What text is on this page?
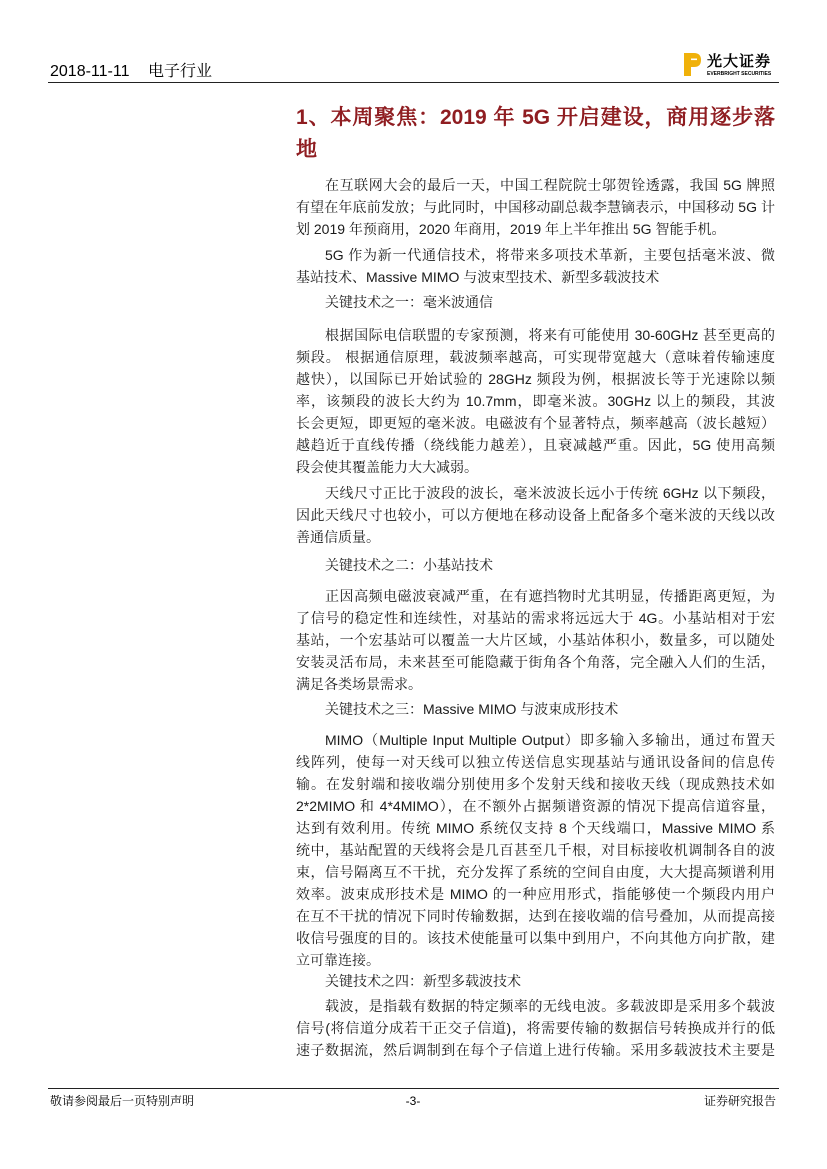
2018-11-11 电子行业
光大证券
EVERBRIGHT SECURITIES
1、本周聚焦：2019 年 5G 开启建设，商用逐步落
地
在互联网大会的最后一天，中国工程院院士邬贺铨透露，我国 5G 牌照
有望在年底前发放；与此同时，中国移动副总裁李慧镝表示，中国移动 5G 计
划 2019 年预商用，2020 年商用，2019 年上半年推出 5G 智能手机。
5G 作为新一代通信技术，将带来多项技术革新，主要包括毫米波、微
基站技术、Massive MIMO 与波束型技术、新型多载波技术
关键技术之一：毫米波通信
根据国际电信联盟的专家预测，将来有可能使用 30-60GHz 甚至更高的
频段。 根据通信原理，载波频率越高，可实现带宽越大（意味着传输速度
越快），以国际已开始试验的 28GHz 频段为例，根据波长等于光速除以频
率，该频段的波长大约为 10.7mm，即毫米波。30GHz 以上的频段，其波
长会更短，即更短的毫米波。电磁波有个显著特点，频率越高（波长越短）
越趋近于直线传播（绕线能力越差），且衰减越严重。因此，5G 使用高频
段会使其覆盖能力大大减弱。
天线尺寸正比于波段的波长，毫米波波长远小于传统 6GHz 以下频段，
因此天线尺寸也较小，可以方便地在移动设备上配备多个毫米波的天线以改
善通信质量。
关键技术之二：小基站技术
正因高频电磁波衰减严重，在有遮挡物时尤其明显，传播距离更短，为
了信号的稳定性和连续性，对基站的需求将远远大于 4G。小基站相对于宏
基站，一个宏基站可以覆盖一大片区域，小基站体积小，数量多，可以随处
安装灵活布局，未来甚至可能隐藏于街角各个角落，完全融入人们的生活，
满足各类场景需求。
关键技术之三：Massive MIMO 与波束成形技术
MIMO（Multiple Input Multiple Output）即多输入多输出，通过布置天
线阵列，使每一对天线可以独立传送信息实现基站与通讯设备间的信息传
输。在发射端和接收端分别使用多个发射天线和接收天线（现成熟技术如
2*2MIMO 和 4*4MIMO），在不额外占据频谱资源的情况下提高信道容量，
达到有效利用。传统 MIMO 系统仅支持 8 个天线端口，Massive MIMO 系
统中，基站配置的天线将会是几百甚至几千根，对目标接收机调制各自的波
束，信号隔离互不干扰，充分发挥了系统的空间自由度，大大提高频谱利用
效率。波束成形技术是 MIMO 的一种应用形式，指能够使一个频段内用户
在互不干扰的情况下同时传输数据，达到在接收端的信号叠加，从而提高接
收信号强度的目的。该技术使能量可以集中到用户，不向其他方向扩散，建
立可靠连接。
关键技术之四：新型多载波技术
载波，是指载有数据的特定频率的无线电波。多载波即是采用多个载波
信号(将信道分成若干正交子信道)，将需要传输的数据信号转换成并行的低
速子数据流，然后调制到在每个子信道上进行传输。采用多载波技术主要是
敬请参阅最后一页特别声明	-3-	证券研究报告
